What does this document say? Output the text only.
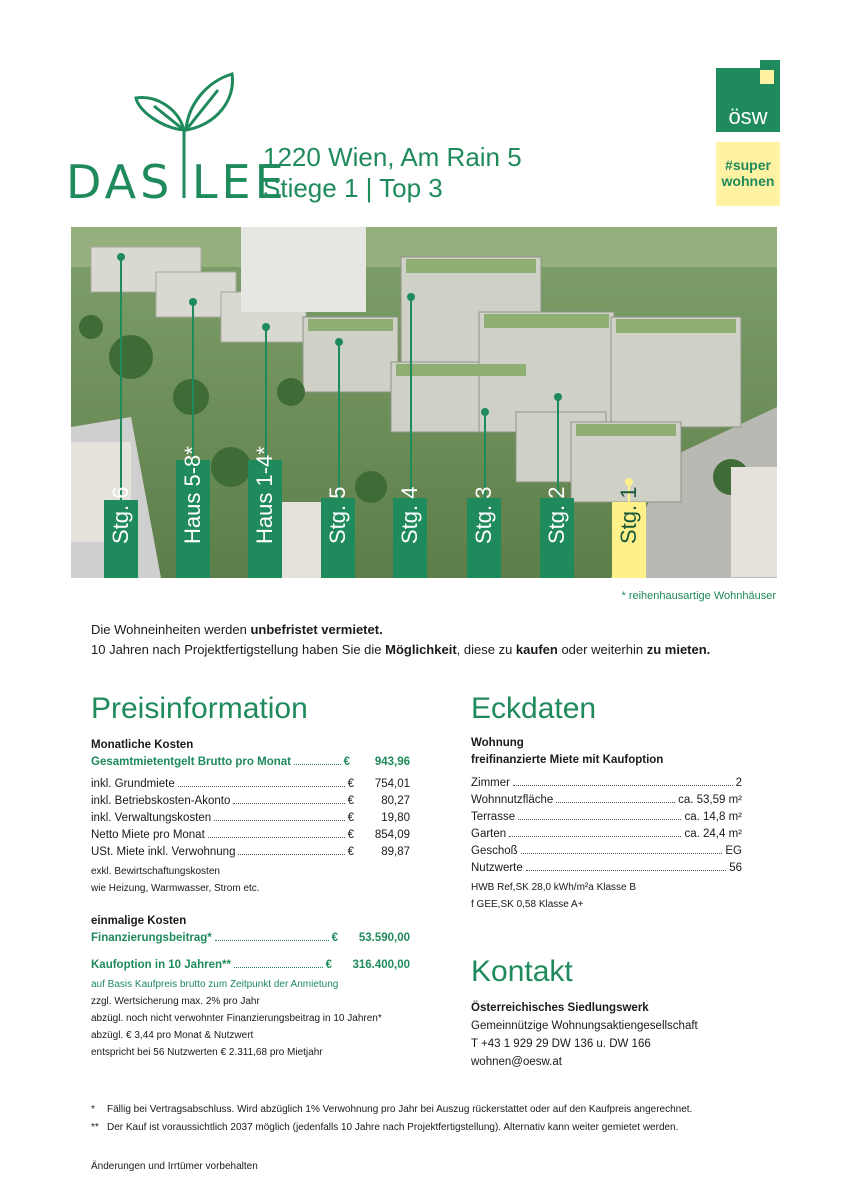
DAS LEE
1220 Wien, Am Rain 5
Stiege 1 | Top 3
ösw
#super
wohnen
Stg. 6 Haus 5-8* Haus 1-4* Stg. 5 Stg. 4 Stg. 3 Stg. 2 Stg. 1
* reihenhausartige Wohnhäuser
Die Wohneinheiten werden unbefristet vermietet.
10 Jahren nach Projektfertigstellung haben Sie die Möglichkeit, diese zu kaufen oder weiterhin zu mieten.
Preisinformation
Monatliche Kosten
Gesamtmietentgelt Brutto pro Monat	€	943,96
inkl. Grundmiete	€	754,01
inkl. Betriebskosten-Akonto	€	80,27
inkl. Verwaltungskosten	€	19,80
Netto Miete pro Monat	€	854,09
USt. Miete inkl. Verwohnung	€	89,87
exkl. Bewirtschaftungskosten
wie Heizung, Warmwasser, Strom etc.
einmalige Kosten
Finanzierungsbeitrag*	€	53.590,00
Kaufoption in 10 Jahren**	€	316.400,00
auf Basis Kaufpreis brutto zum Zeitpunkt der Anmietung
zzgl. Wertsicherung max. 2% pro Jahr
abzügl. noch nicht verwohnter Finanzierungsbeitrag in 10 Jahren*
abzügl. € 3,44 pro Monat & Nutzwert
entspricht bei 56 Nutzwerten € 2.311,68 pro Mietjahr
Eckdaten
Wohnung
freifinanzierte Miete mit Kaufoption
Zimmer	2
Wohnnutzfläche	ca. 53,59 m²
Terrasse	ca. 14,8 m²
Garten	ca. 24,4 m²
Geschoß	EG
Nutzwerte	56
HWB Ref,SK 28,0 kWh/m²a Klasse B
f GEE,SK 0,58 Klasse A+
Kontakt
Österreichisches Siedlungswerk
Gemeinnützige Wohnungsaktiengesellschaft
T +43 1 929 29 DW 136 u. DW 166
wohnen@oesw.at
* Fällig bei Vertragsabschluss. Wird abzüglich 1% Verwohnung pro Jahr bei Auszug rückerstattet oder auf den Kaufpreis angerechnet.
** Der Kauf ist voraussichtlich 2037 möglich (jedenfalls 10 Jahre nach Projektfertigstellung). Alternativ kann weiter gemietet werden.
Änderungen und Irrtümer vorbehalten
